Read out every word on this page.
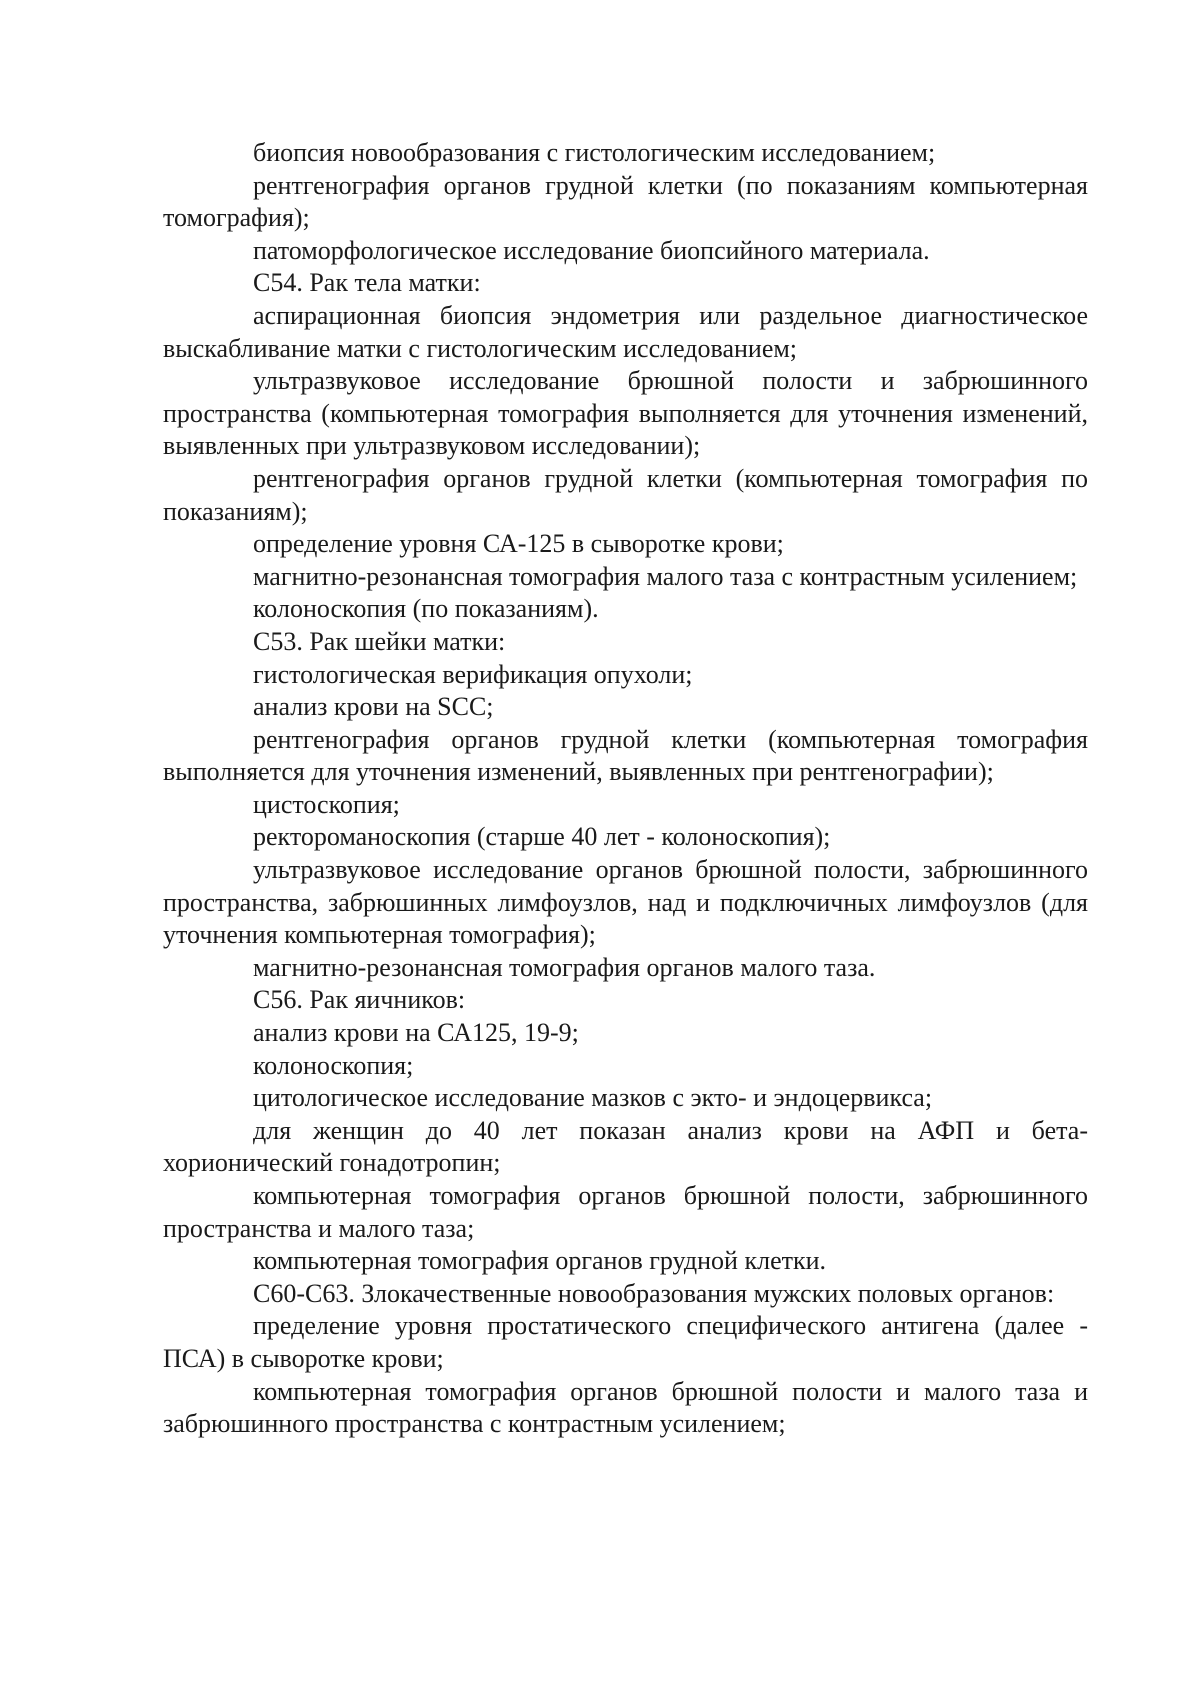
биопсия новообразования с гистологическим исследованием;

рентгенография органов грудной клетки (по показаниям компьютерная томография);

патоморфологическое исследование биопсийного материала.

С54. Рак тела матки:

аспирационная биопсия эндометрия или раздельное диагностическое выскабливание матки с гистологическим исследованием;

ультразвуковое исследование брюшной полости и забрюшинного пространства (компьютерная томография выполняется для уточнения изменений, выявленных при ультразвуковом исследовании);

рентгенография органов грудной клетки (компьютерная томография по показаниям);

определение уровня СА-125 в сыворотке крови;

магнитно-резонансная томография малого таза с контрастным усилением;

колоноскопия (по показаниям).

С53. Рак шейки матки:

гистологическая верификация опухоли;

анализ крови на SCC;

рентгенография органов грудной клетки (компьютерная томография выполняется для уточнения изменений, выявленных при рентгенографии);

цистоскопия;

ректороманоскопия (старше 40 лет - колоноскопия);

ультразвуковое исследование органов брюшной полости, забрюшинного пространства, забрюшинных лимфоузлов, над и подключичных лимфоузлов (для уточнения компьютерная томография);

магнитно-резонансная томография органов малого таза.

С56. Рак яичников:

анализ крови на СА125, 19-9;

колоноскопия;

цитологическое исследование мазков с экто- и эндоцервикса;

для женщин до 40 лет показан анализ крови на АФП и бета-хорионический гонадотропин;

компьютерная томография органов брюшной полости, забрюшинного пространства и малого таза;

компьютерная томография органов грудной клетки.

С60-С63. Злокачественные новообразования мужских половых органов:

пределение уровня простатического специфического антигена (далее - ПСА) в сыворотке крови;

компьютерная томография органов брюшной полости и малого таза и забрюшинного пространства с контрастным усилением;
